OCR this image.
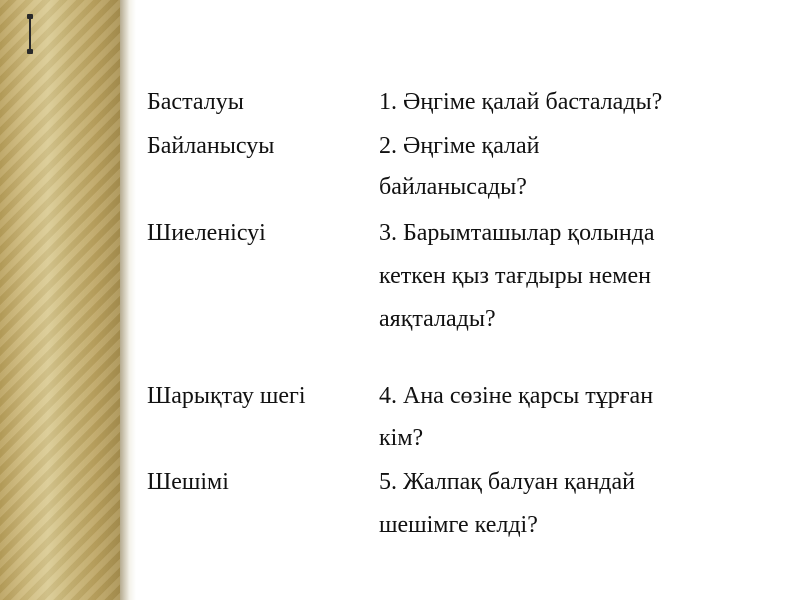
Басталуы	1. Әңгіме қалай басталады?
Байланысуы	2. Әңгіме қалай
байланысады?
Шиеленісуі	3. Барымташылар қолында
кеткен қыз тағдыры немен
аяқталады?
Шарықтау шегі	4. Ана сөзіне қарсы тұрған
кім?
Шешімі	5. Жалпақ балуан қандай
шешімге келді?
